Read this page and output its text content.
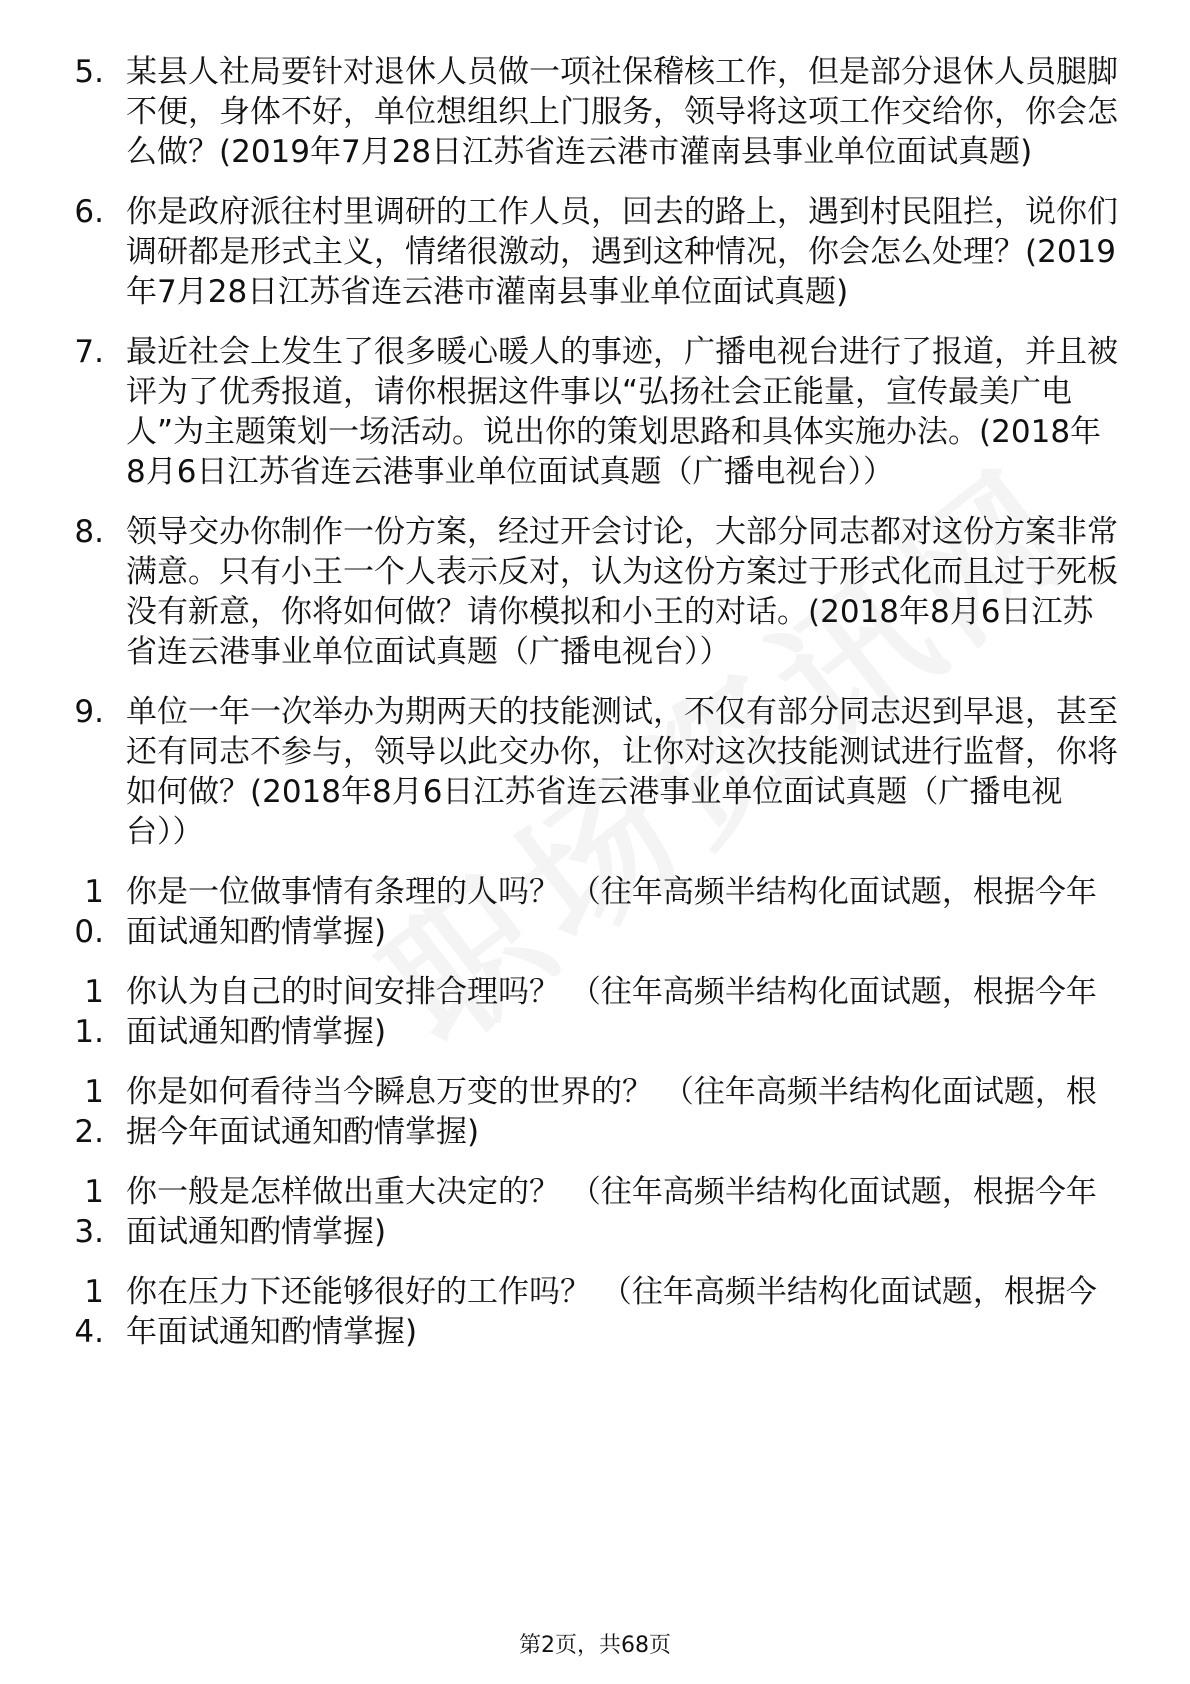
5. 某县人社局要针对退休人员做一项社保稽核工作，但是部分退休人员腿脚不便，身体不好，单位想组织上门服务，领导将这项工作交给你，你会怎么做？(2019年7月28日江苏省连云港市灌南县事业单位面试真题)
6. 你是政府派往村里调研的工作人员，回去的路上，遇到村民阻拦，说你们调研都是形式主义，情绪很激动，遇到这种情况，你会怎么处理？(2019年7月28日江苏省连云港市灌南县事业单位面试真题)
7. 最近社会上发生了很多暖心暖人的事迹，广播电视台进行了报道，并且被评为了优秀报道，请你根据这件事以“弘扬社会正能量，宣传最美广电人”为主题策划一场活动。说出你的策划思路和具体实施办法。(2018年8月6日江苏省连云港事业单位面试真题（广播电视台））
8. 领导交办你制作一份方案，经过开会讨论，大部分同志都对这份方案非常满意。只有小王一个人表示反对，认为这份方案过于形式化而且过于死板没有新意，你将如何做？请你模拟和小王的对话。(2018年8月6日江苏省连云港事业单位面试真题（广播电视台））
9. 单位一年一次举办为期两天的技能测试，不仅有部分同志迟到早退，甚至还有同志不参与，领导以此交办你，让你对这次技能测试进行监督，你将如何做？(2018年8月6日江苏省连云港事业单位面试真题（广播电视台））
10.
你是一位做事情有条理的人吗？ （往年高频半结构化面试题，根据今年面试通知酌情掌握)
11.
你认为自己的时间安排合理吗？ （往年高频半结构化面试题，根据今年面试通知酌情掌握)
12.
你是如何看待当今瞬息万变的世界的？ （往年高频半结构化面试题，根据今年面试通知酌情掌握)
13.
你一般是怎样做出重大决定的？ （往年高频半结构化面试题，根据今年面试通知酌情掌握)
14.
你在压力下还能够很好的工作吗？ （往年高频半结构化面试题，根据今年面试通知酌情掌握)
第2页，共68页
